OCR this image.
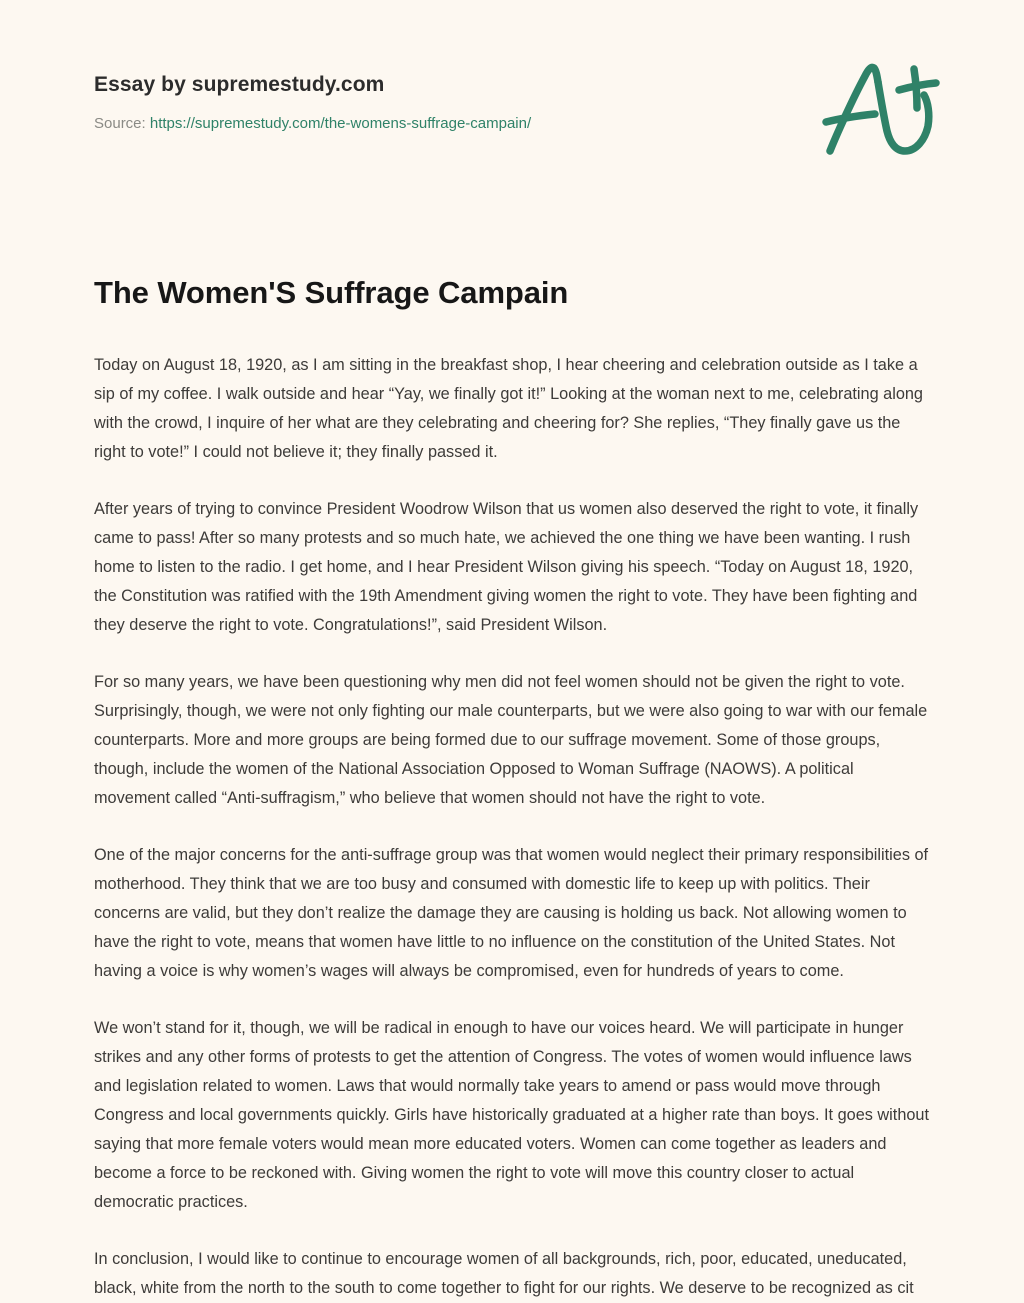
Essay by supremestudy.com
Source: https://supremestudy.com/the-womens-suffrage-campain/
The Women'S Suffrage Campain

Today on August 18, 1920, as I am sitting in the breakfast shop, I hear cheering and celebration outside as I take a sip of my coffee. I walk outside and hear “Yay, we finally got it!” Looking at the woman next to me, celebrating along with the crowd, I inquire of her what are they celebrating and cheering for? She replies, “They finally gave us the right to vote!” I could not believe it; they finally passed it.

After years of trying to convince President Woodrow Wilson that us women also deserved the right to vote, it finally came to pass! After so many protests and so much hate, we achieved the one thing we have been wanting. I rush home to listen to the radio. I get home, and I hear President Wilson giving his speech. “Today on August 18, 1920, the Constitution was ratified with the 19th Amendment giving women the right to vote. They have been fighting and they deserve the right to vote. Congratulations!”, said President Wilson.

For so many years, we have been questioning why men did not feel women should not be given the right to vote. Surprisingly, though, we were not only fighting our male counterparts, but we were also going to war with our female counterparts. More and more groups are being formed due to our suffrage movement. Some of those groups, though, include the women of the National Association Opposed to Woman Suffrage (NAOWS). A political movement called “Anti-suffragism,” who believe that women should not have the right to vote.

One of the major concerns for the anti-suffrage group was that women would neglect their primary responsibilities of motherhood. They think that we are too busy and consumed with domestic life to keep up with politics. Their concerns are valid, but they don’t realize the damage they are causing is holding us back. Not allowing women to have the right to vote, means that women have little to no influence on the constitution of the United States. Not having a voice is why women’s wages will always be compromised, even for hundreds of years to come.

We won’t stand for it, though, we will be radical in enough to have our voices heard. We will participate in hunger strikes and any other forms of protests to get the attention of Congress. The votes of women would influence laws and legislation related to women. Laws that would normally take years to amend or pass would move through Congress and local governments quickly. Girls have historically graduated at a higher rate than boys. It goes without saying that more female voters would mean more educated voters. Women can come together as leaders and become a force to be reckoned with. Giving women the right to vote will move this country closer to actual democratic practices.

In conclusion, I would like to continue to encourage women of all backgrounds, rich, poor, educated, uneducated, black, white from the north to the south to come together to fight for our rights. We deserve to be recognized as cit
